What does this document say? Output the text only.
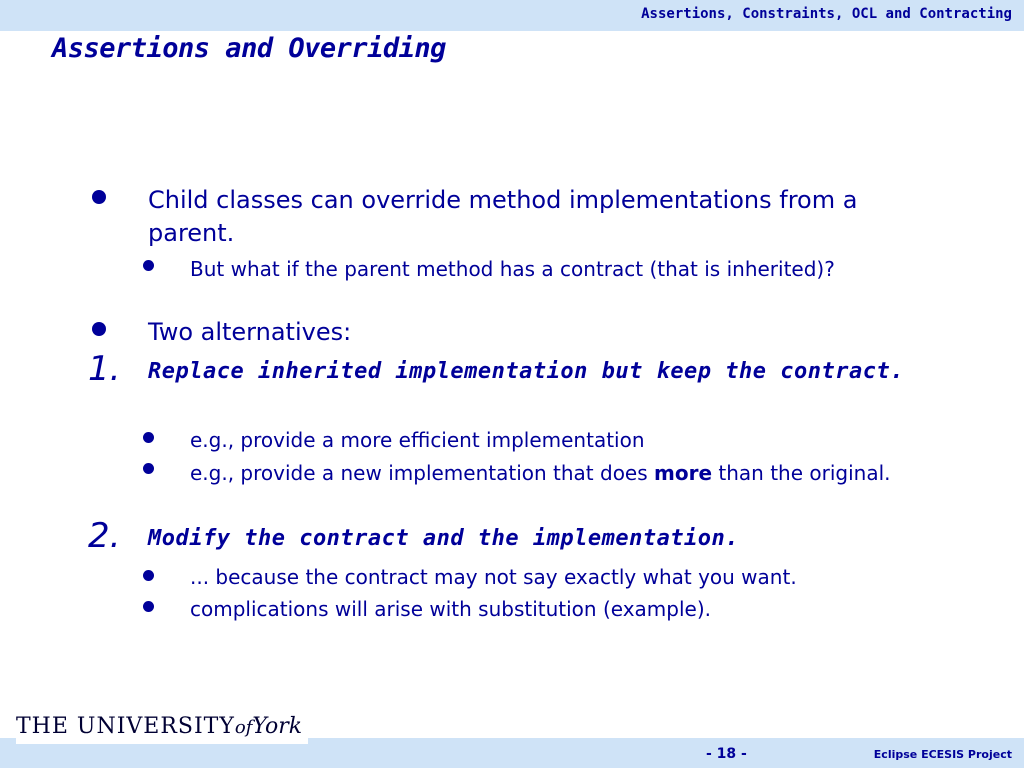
Assertions, Constraints, OCL and Contracting
Assertions and Overriding
Child classes can override method implementations from a parent.
But what if the parent method has a contract (that is inherited)?
Two alternatives:
1. Replace inherited implementation but keep the contract.
e.g., provide a more efficient implementation
e.g., provide a new implementation that does more than the original.
2. Modify the contract and the implementation.
... because the contract may not say exactly what you want.
complications will arise with substitution (example).
THE UNIVERSITYofYork
- 18 -	Eclipse ECESIS Project
